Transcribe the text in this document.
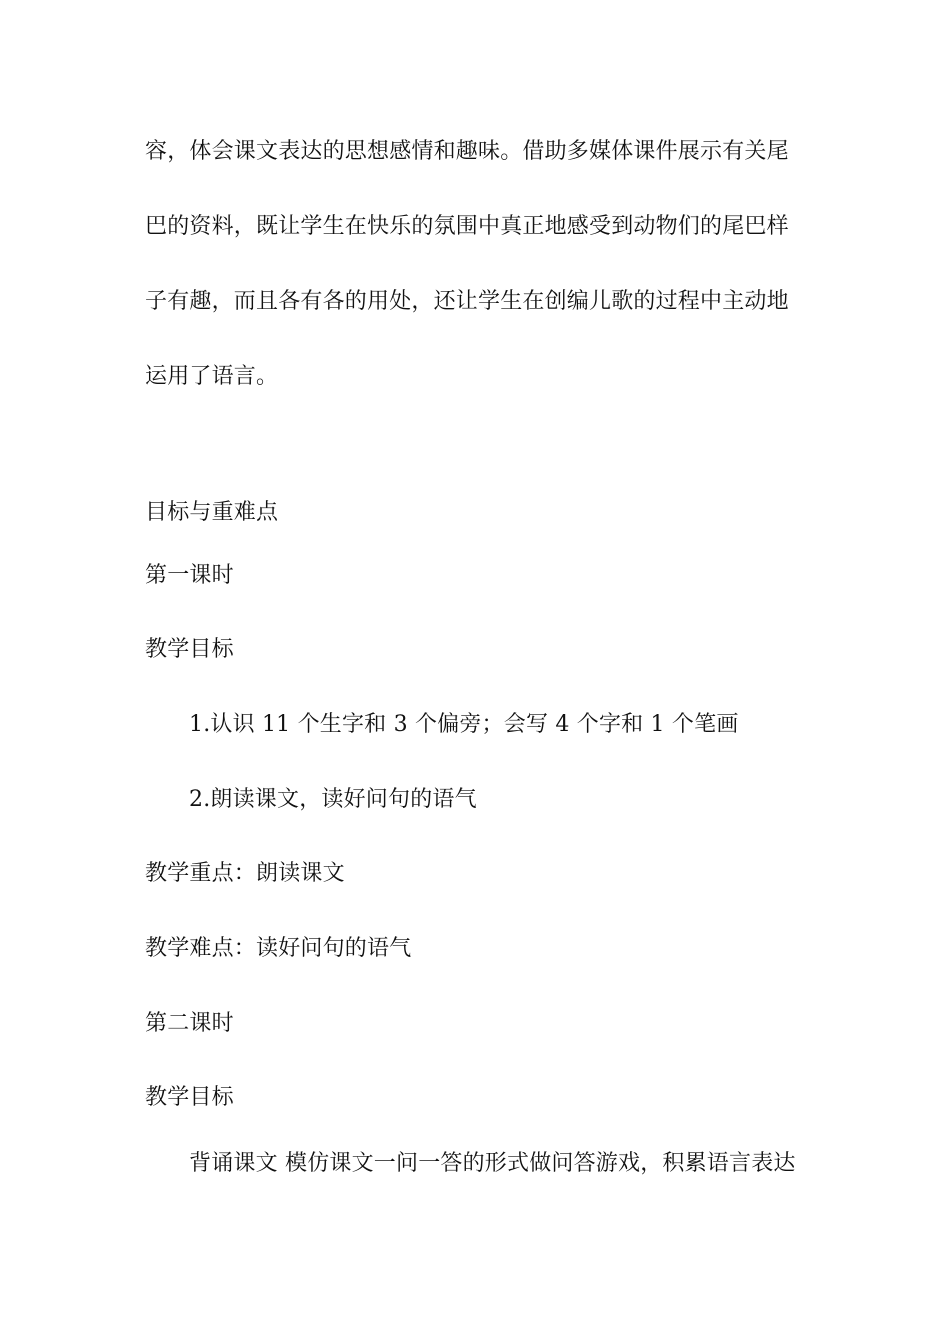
容，体会课文表达的思想感情和趣味。借助多媒体课件展示有关尾
巴的资料，既让学生在快乐的氛围中真正地感受到动物们的尾巴样
子有趣，而且各有各的用处，还让学生在创编儿歌的过程中主动地
运用了语言。
目标与重难点
第一课时
教学目标
1.认识 11 个生字和 3 个偏旁；会写 4 个字和 1 个笔画
2.朗读课文，读好问句的语气
教学重点：朗读课文
教学难点：读好问句的语气
第二课时
教学目标
背诵课文 模仿课文一问一答的形式做问答游戏，积累语言表达
